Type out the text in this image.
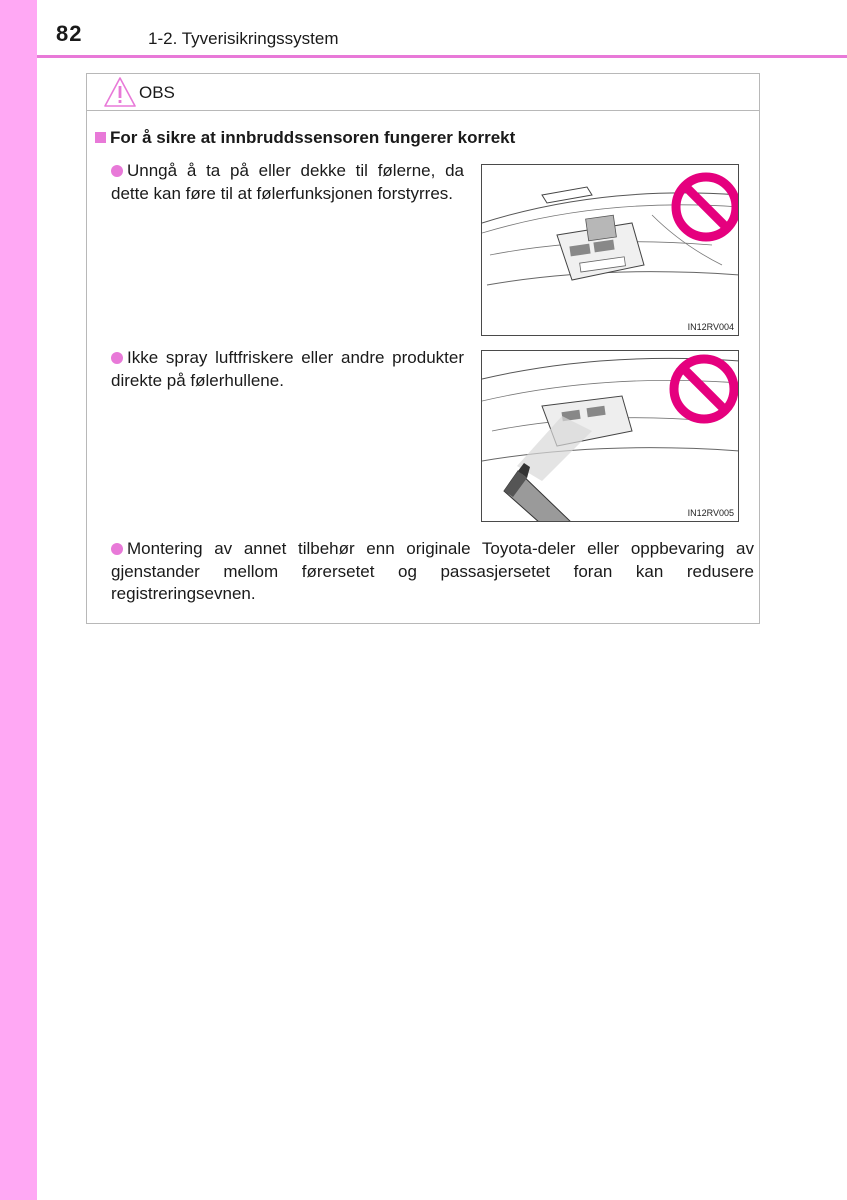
82	1-2. Tyverisikringssystem
OBS
For å sikre at innbruddssensoren fungerer korrekt
Unngå å ta på eller dekke til følerne, da dette kan føre til at følerfunksjonen forstyrres.
Ikke spray luftfriskere eller andre produkter direkte på følerhullene.
Montering av annet tilbehør enn originale Toyota-deler eller oppbevaring av gjenstander mellom førersetet og passasjersetet foran kan redusere registreringsevnen.
IN12RV004
IN12RV005
